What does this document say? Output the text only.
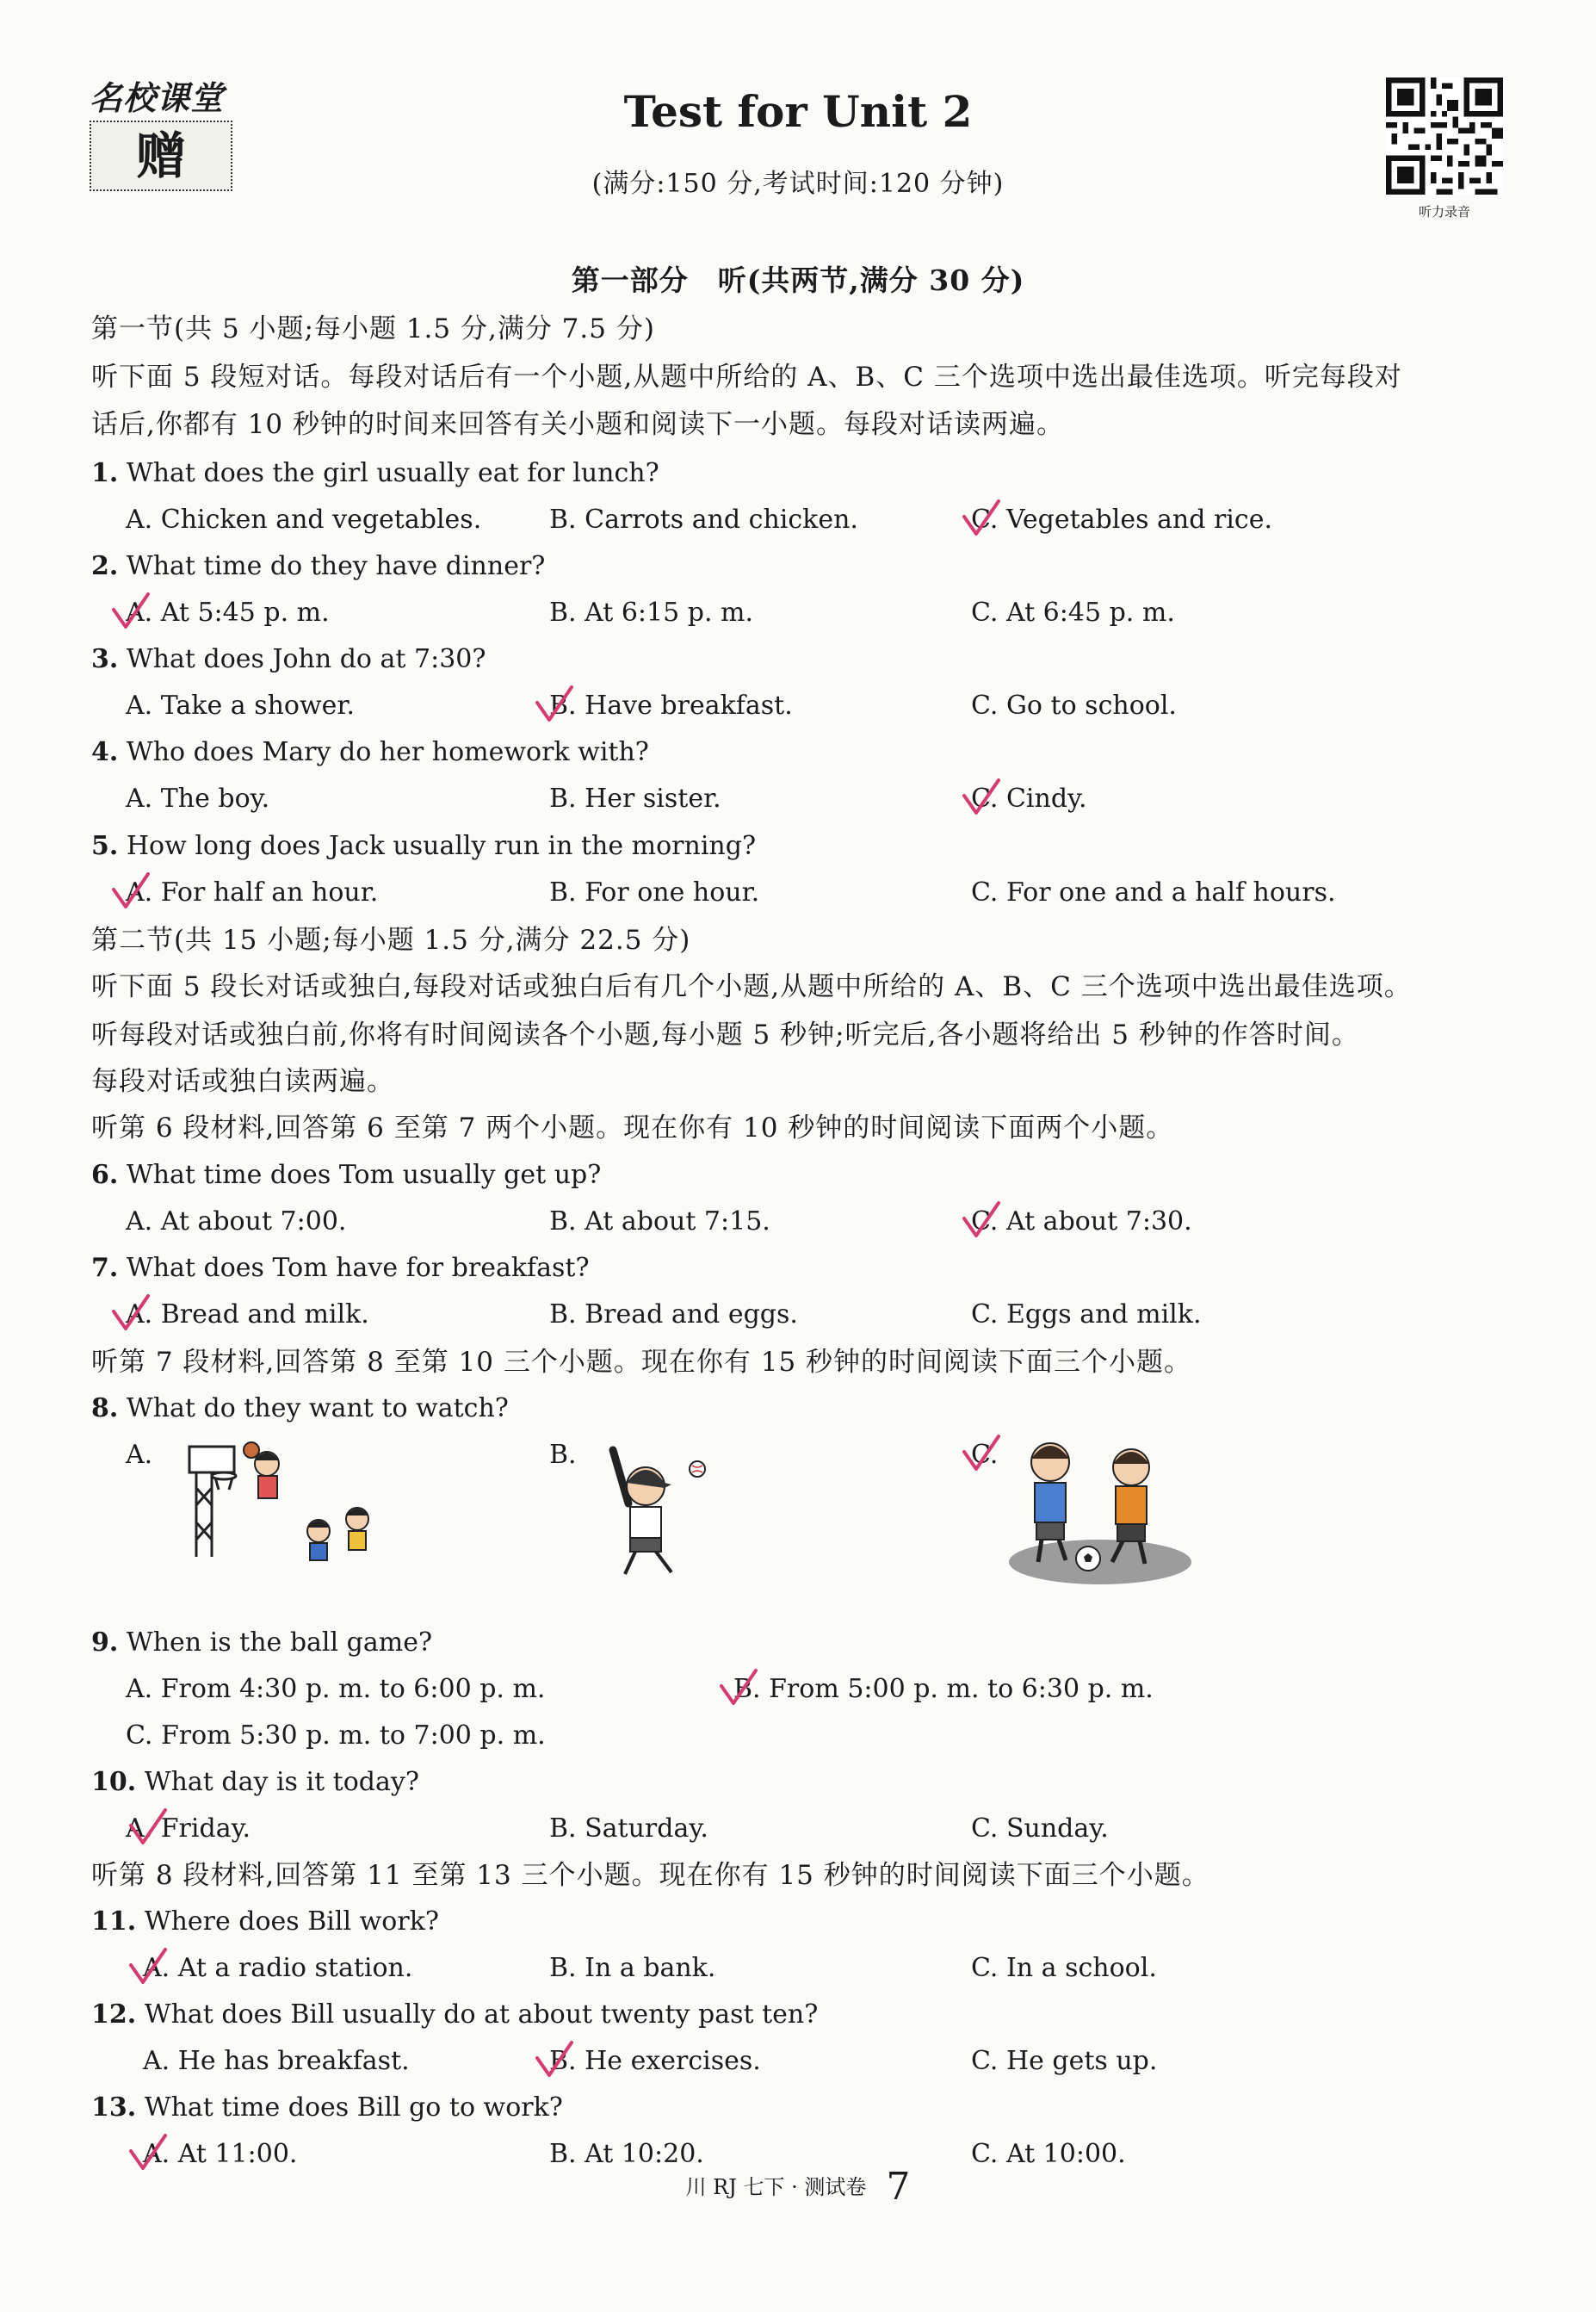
名校课堂
赠
Test for Unit 2
(满分:150 分,考试时间:120 分钟)
听力录音
第一部分　听(共两节,满分 30 分)
第一节(共 5 小题;每小题 1.5 分,满分 7.5 分)
听下面 5 段短对话。每段对话后有一个小题,从题中所给的 A、B、C 三个选项中选出最佳选项。听完每段对
话后,你都有 10 秒钟的时间来回答有关小题和阅读下一小题。每段对话读两遍。
1. What does the girl usually eat for lunch?
A. Chicken and vegetables.	B. Carrots and chicken.	C. Vegetables and rice.
2. What time do they have dinner?
A. At 5:45 p. m.	B. At 6:15 p. m.	C. At 6:45 p. m.
3. What does John do at 7:30?
A. Take a shower.	B. Have breakfast.	C. Go to school.
4. Who does Mary do her homework with?
A. The boy.	B. Her sister.	C. Cindy.
5. How long does Jack usually run in the morning?
A. For half an hour.	B. For one hour.	C. For one and a half hours.
第二节(共 15 小题;每小题 1.5 分,满分 22.5 分)
听下面 5 段长对话或独白,每段对话或独白后有几个小题,从题中所给的 A、B、C 三个选项中选出最佳选项。
听每段对话或独白前,你将有时间阅读各个小题,每小题 5 秒钟;听完后,各小题将给出 5 秒钟的作答时间。
每段对话或独白读两遍。
听第 6 段材料,回答第 6 至第 7 两个小题。现在你有 10 秒钟的时间阅读下面两个小题。
6. What time does Tom usually get up?
A. At about 7:00.	B. At about 7:15.	C. At about 7:30.
7. What does Tom have for breakfast?
A. Bread and milk.	B. Bread and eggs.	C. Eggs and milk.
听第 7 段材料,回答第 8 至第 10 三个小题。现在你有 15 秒钟的时间阅读下面三个小题。
8. What do they want to watch?
A.	B.	C.
9. When is the ball game?
A. From 4:30 p. m. to 6:00 p. m.	B. From 5:00 p. m. to 6:30 p. m.
C. From 5:30 p. m. to 7:00 p. m.
10. What day is it today?
A. Friday.	B. Saturday.	C. Sunday.
听第 8 段材料,回答第 11 至第 13 三个小题。现在你有 15 秒钟的时间阅读下面三个小题。
11. Where does Bill work?
A. At a radio station.	B. In a bank.	C. In a school.
12. What does Bill usually do at about twenty past ten?
A. He has breakfast.	B. He exercises.	C. He gets up.
13. What time does Bill go to work?
A. At 11:00.	B. At 10:20.	C. At 10:00.
川 RJ 七下 · 测试卷 7
